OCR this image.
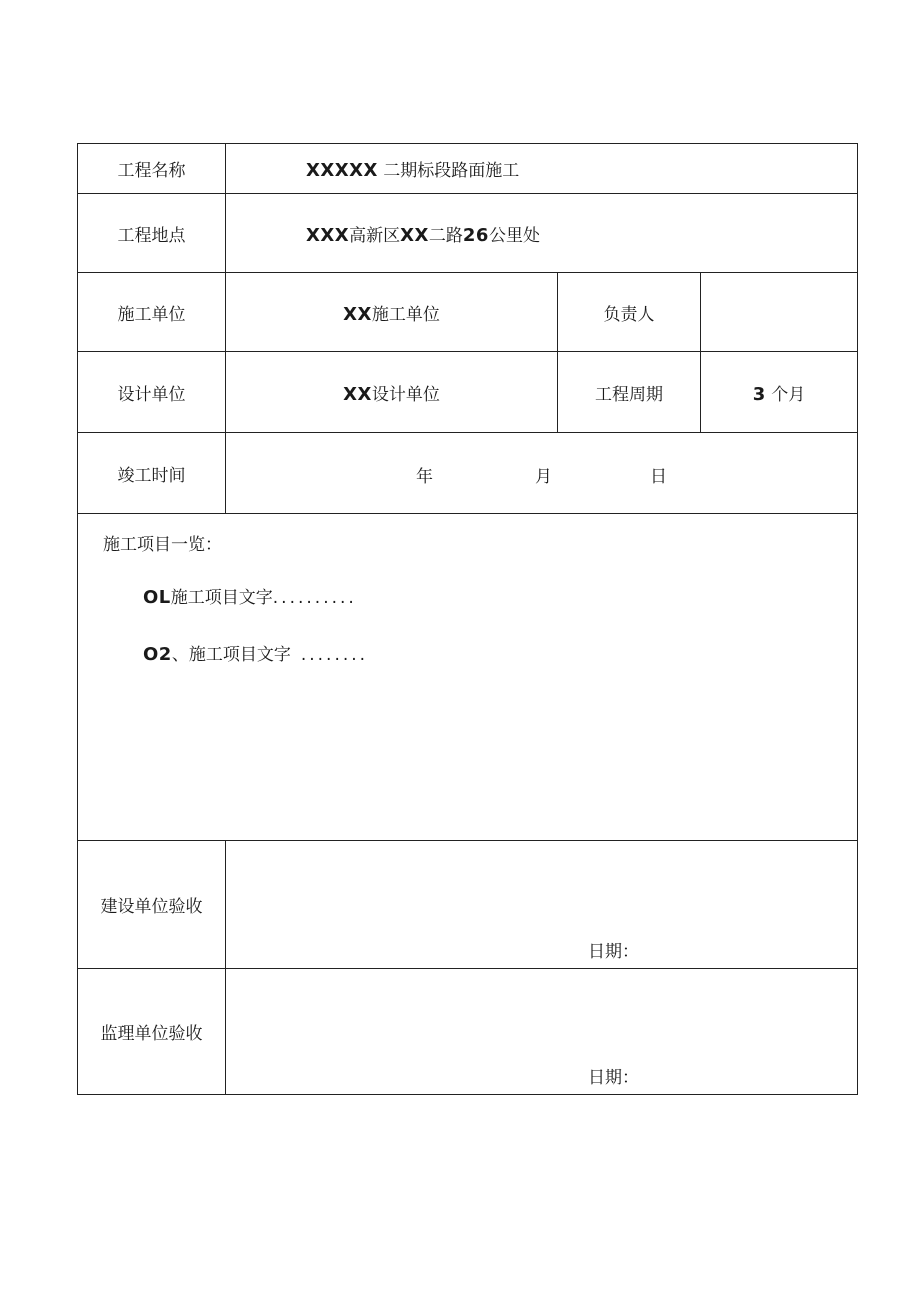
工程名称	XXXXX 二期标段路面施工		
工程地点	XXX高新区XX二路26公里处		
施工单位	XX施工单位	负责人	
设计单位	XX设计单位	工程周期	3 个月
竣工时间	年 月 日		

施工项目一览：
OL施工项目文字..........
O2、施工项目文字 ........			

建设单位验收	日期：		

监理单位验收	日期：		
